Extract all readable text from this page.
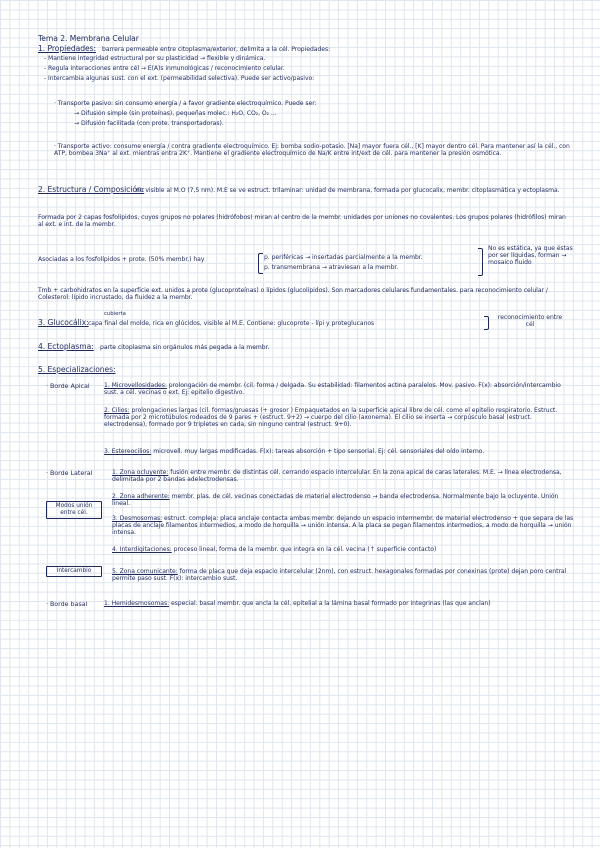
Tema 2. Membrana Celular
1. Propiedades: barrera permeable entre citoplasma/exterior, delimita a la cél. Propiedades:
- Mantiene integridad estructural por su plasticidad → flexible y dinámica.
- Regula interacciones entre cél → E(A)s inmunológicas / reconocimiento celular.
- Intercambia algunas sust. con el ext. (permeabilidad selectiva). Puede ser activo/pasivo:
· Transporte pasivo: sin consumo energía / a favor gradiente electroquímico. Puede ser:
→ Difusión simple (sin proteínas), pequeñas molec.: H₂O, CO₂, O₂ ...
→ Difusión facilitada (con prote. transportadoras).
· Transporte activo: consume energía / contra gradiente electroquímico. Ej: bomba sodio-potasio. [Na] mayor fuera cél., [K] mayor dentro cél. Para mantener así la cél., con ATP, bombea 3Na⁺ al ext. mientras entra 2K⁺. Mantiene el gradiente electroquímico de Na/K entre int/ext de cél. para mantener la presión osmótica.
2. Estructura / Composición:
no visible al M.O (7,5 nm). M.E se ve estruct. trilaminar: unidad de membrana, formada por glucocalix, membr. citoplasmática y ectoplasma.
Formada por 2 capas fosfolípidos, cuyos grupos no polares (hidrófobos) miran al centro de la membr. unidades por uniones no covalentes. Los grupos polares (hidrófilos) miran al ext. e int. de la membr.
Asociadas a los fosfolípidos + prote. (50% membr.) hay	p. periféricas → insertadas parcialmente a la membr.
p. transmembrana → atraviesan a la membr.
No es estática, ya que éstas por ser líquidas, forman → mosaico fluido
Tmb + carbohidratos en la superficie ext. unidos a prote (glucoproteínas) o lípidos (glucolípidos). Son marcadores celulares fundamentales. para reconocimiento celular / Colesterol: lípido incrustado, da fluidez a la membr.
cubierta
3. Glucocálix: capa final del molde, rica en glúcidos, visible al M.E. Contiene: glucoprote - lípi y proteglucanos
reconocimiento entre cél
4. Ectoplasma: parte citoplasma sin orgánulos más pegada a la membr.
5. Especializaciones:
· Borde Apical 1. Microvellosidades: prolongación de membr. (cil. forma / delgada. Su estabilidad: filamentos actina paralelos. Mov. pasivo. F(x): absorción/intercambio sust. a cél. vecinas o ext. Ej: epitelio digestivo.
2. Cilios: prolongaciones largas (cil. formas/gruesas (+ grosor ) Empaquetados en la superficie apical libre de cél. como el epitelio respiratorio. Estruct. formada por 2 microtúbulos rodeados de 9 pares + (estruct. 9+2) → cuerpo del cilio (axonema). El cilio se inserta → corpúsculo basal (estruct. electrodensa), formado por 9 tripletes en cada, sin ninguno central (estruct. 9+0).
3. Estereocilios: microvell. muy largas modificadas. F(x): tareas absorción + tipo sensorial. Ej: cél. sensoriales del oído interno.
· Borde Lateral
Modos unión entre cél.
Intercambio
1. Zona ocluyente: fusión entre membr. de distintas cél. cerrando espacio intercelular. En la zona apical de caras laterales. M.E. → línea electrodensa, delimitada por 2 bandas adelectrodensas.
2. Zona adherente: membr. plas. de cél. vecinas conectadas de material electrodenso → banda electrodensa. Normalmente bajo la ocluyente. Unión lineal.
3. Desmosomas: estruct. compleja: placa anclaje contacta ambas membr. dejando un espacio intermembr. de material electrodenso + que separa de las placas de anclaje filamentos intermedios, a modo de horquilla → unión intensa. A la placa se pegan filamentos intermedios, a modo de horquilla → unión intensa.
4. Interdigitaciones: proceso lineal, forma de la membr. que integra en la cél. vecina (↑ superficie contacto)
5. Zona comunicante: forma de placa que deja espacio intercelular (2nm), con estruct. hexagonales formadas por conexinas (prote) dejan poro central permite paso sust. F(x): intercambio sust.
· Borde basal	1. Hemidesmosomas: especial. basal membr. que ancla la cél. epitelial a la lámina basal formado por integrinas (las que anclan)
